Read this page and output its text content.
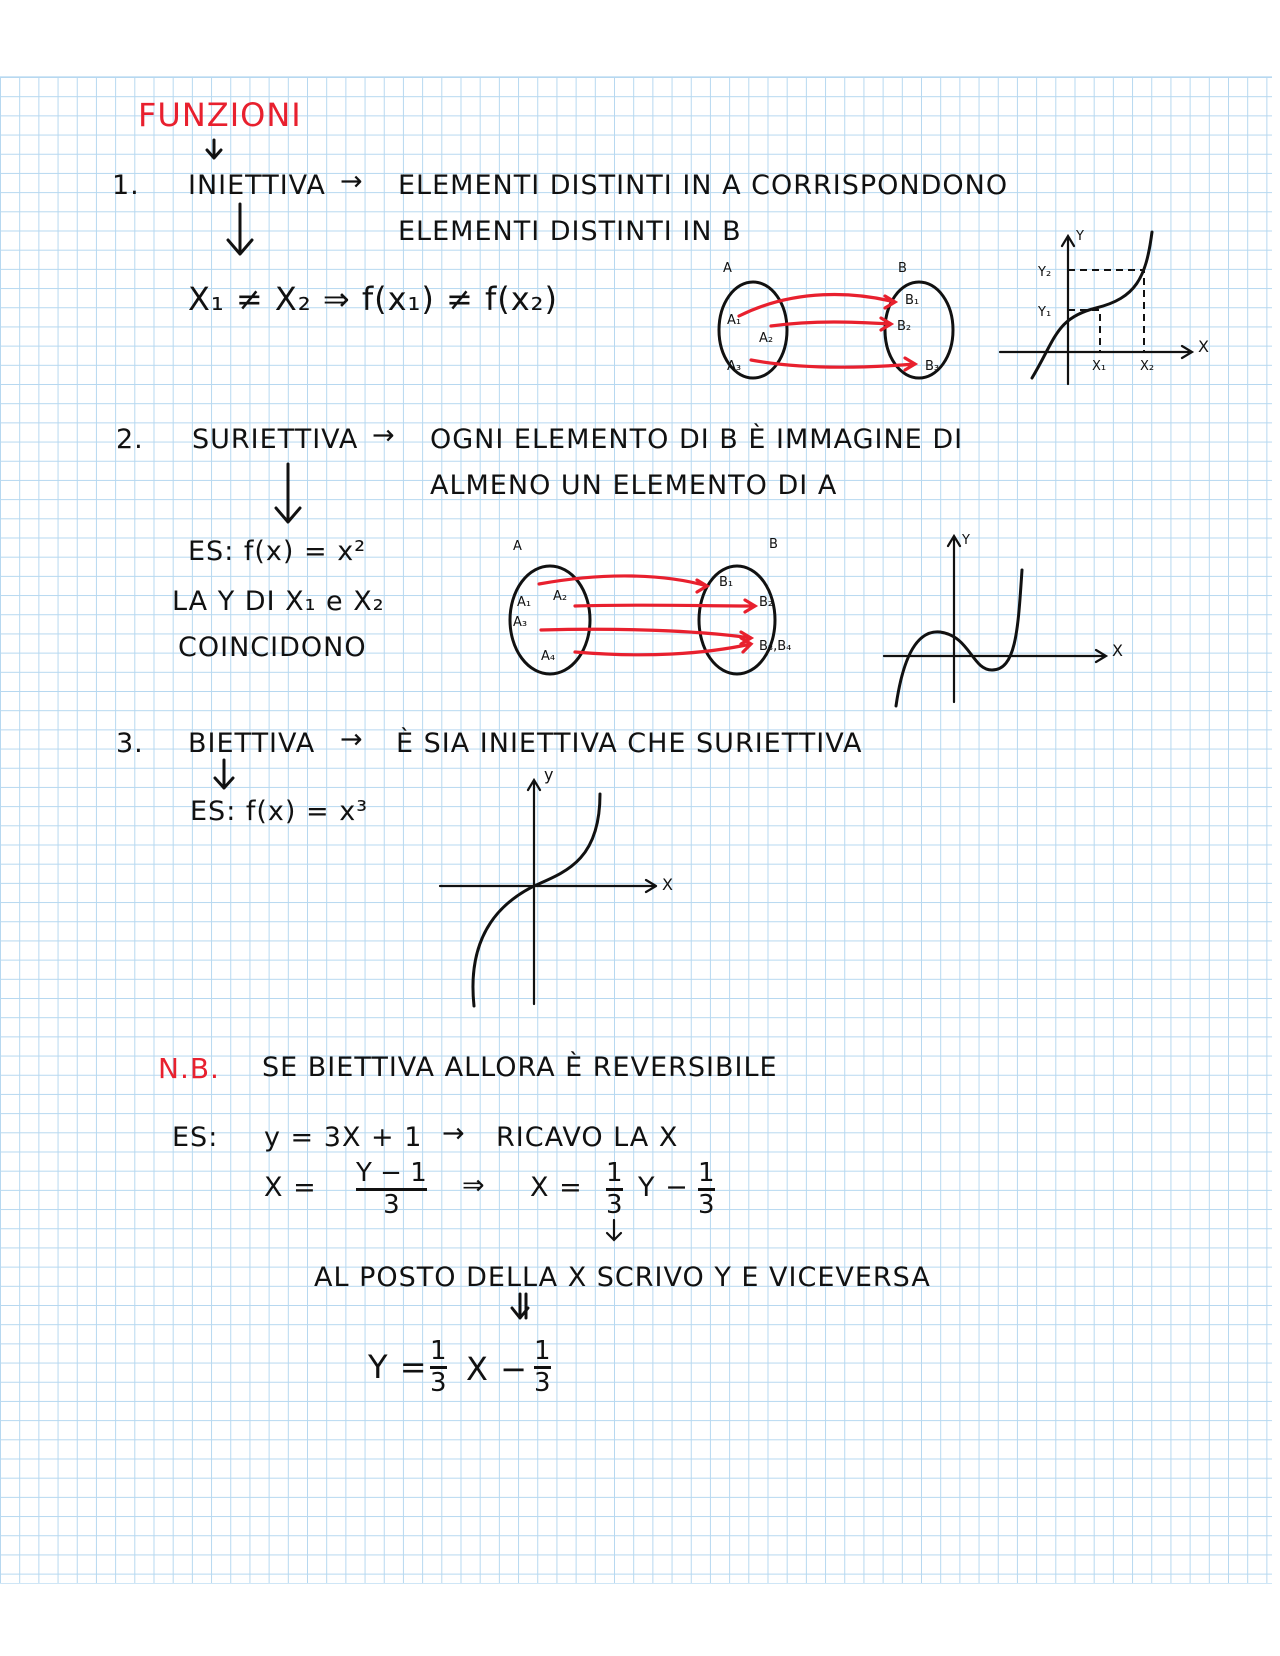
FUNZIONI
1. INIETTIVA → ELEMENTI DISTINTI IN A CORRISPONDONO
ELEMENTI DISTINTI IN B
X₁ ≠ X₂ ⇒ f(x₁) ≠ f(x₂)
A	B
A₁
A₂
A₃
B₁
B₂
B₃
X
Y
Y₂
Y₁
X₁	X₂
2. SURIETTIVA → OGNI ELEMENTO DI B È IMMAGINE DI
ALMENO UN ELEMENTO DI A
ES: f(x) = x²
LA Y DI X₁ e X₂
COINCIDONO
A	B
A₁ A₂
A₃
A₄
B₁
B₂
B₃,B₄	X
Y
3. BIETTIVA → È SIA INIETTIVA CHE SURIETTIVA
ES: f(x) = x³
X
y
N.B. SE BIETTIVA ALLORA È REVERSIBILE
ES: y = 3X + 1 → RICAVO LA X
X = Y − 1
3
⇒ X = 1
3
Y − 1
3
AL POSTO DELLA X SCRIVO Y E VICEVERSA
Y = 1
3 X − 1
3
